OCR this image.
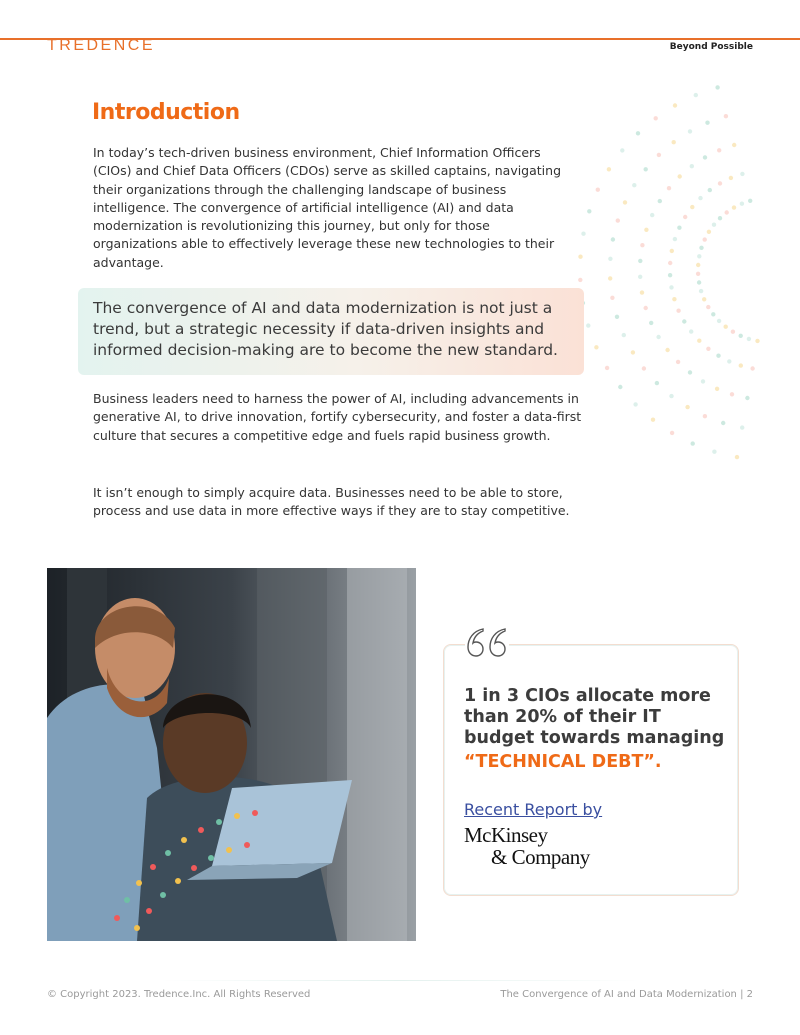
TREDENCE	Beyond Possible
Introduction

In today’s tech-driven business environment, Chief Information Officers (CIOs) and Chief Data Officers (CDOs) serve as skilled captains, navigating their organizations through the challenging landscape of business intelligence. The convergence of artificial intelligence (AI) and data modernization is revolutionizing this journey, but only for those organizations able to effectively leverage these new technologies to their advantage.

The convergence of AI and data modernization is not just a trend, but a strategic necessity if data-driven insights and informed decision-making are to become the new standard.

Business leaders need to harness the power of AI, including advancements in generative AI, to drive innovation, fortify cybersecurity, and foster a data-first culture that secures a competitive edge and fuels rapid business growth.

It isn’t enough to simply acquire data. Businesses need to be able to store, process and use data in more effective ways if they are to stay competitive.

1 in 3 CIOs allocate more than 20% of their IT budget towards managing

“TECHNICAL DEBT”.

Recent Report by
McKinsey
& Company
© Copyright 2023. Tredence.Inc. All Rights Reserved	The Convergence of AI and Data Modernization | 2
